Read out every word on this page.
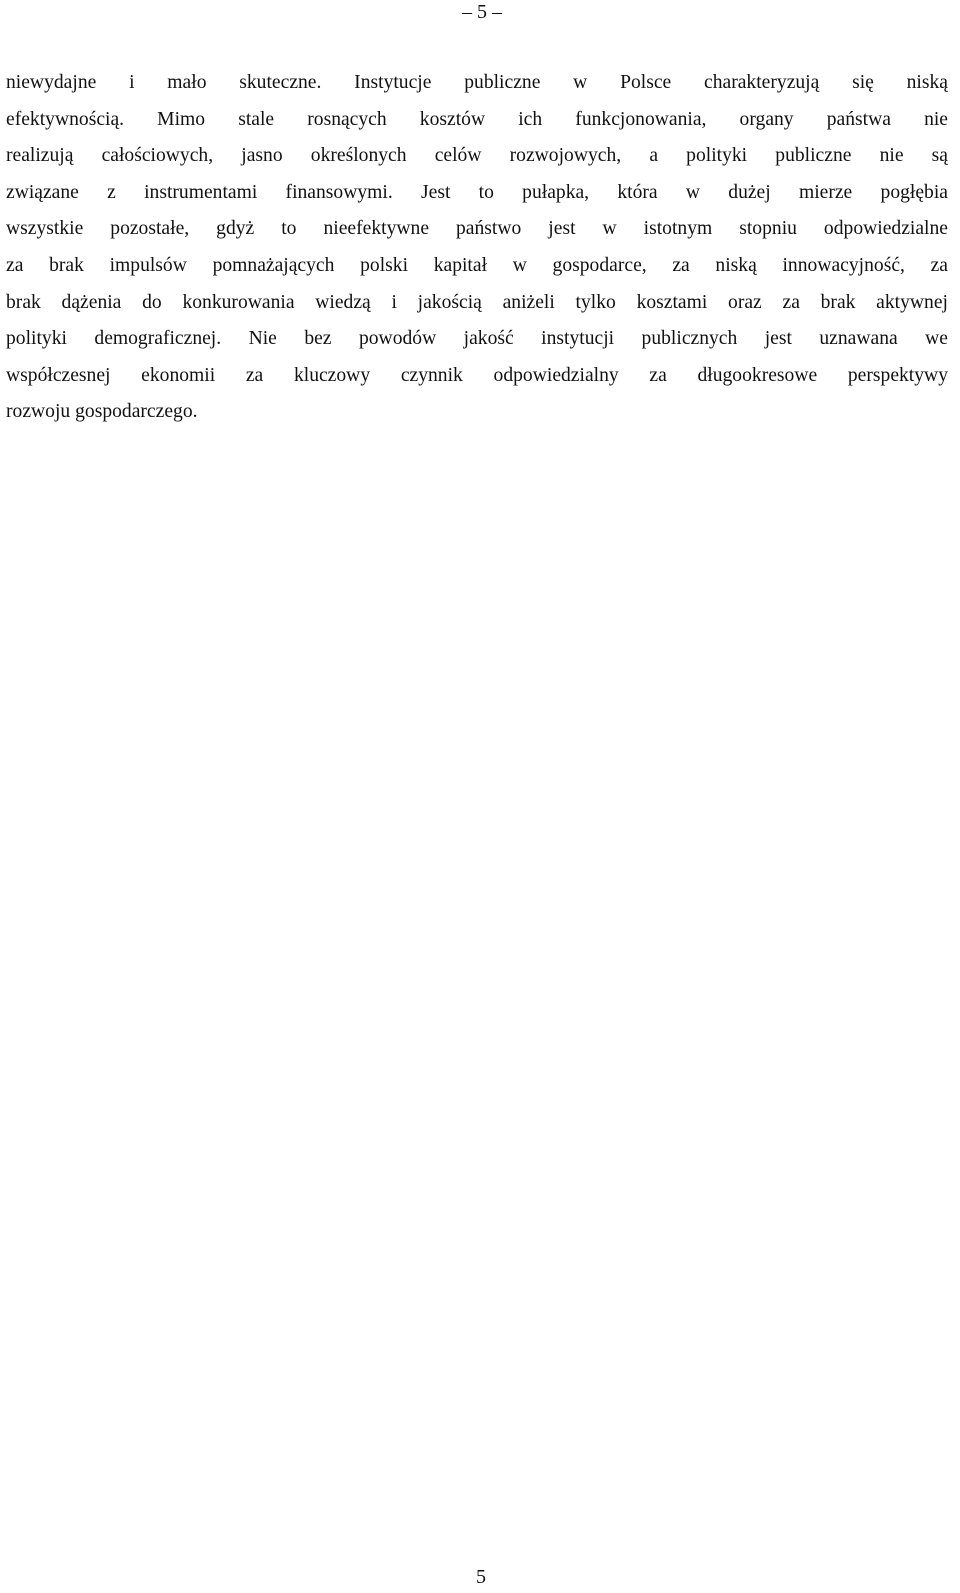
– 5 –
niewydajne i mało skuteczne. Instytucje publiczne w Polsce charakteryzują się niską
efektywnością. Mimo stale rosnących kosztów ich funkcjonowania, organy państwa nie
realizują całościowych, jasno określonych celów rozwojowych, a polityki publiczne nie są
związane z instrumentami finansowymi. Jest to pułapka, która w dużej mierze pogłębia
wszystkie pozostałe, gdyż to nieefektywne państwo jest w istotnym stopniu odpowiedzialne
za brak impulsów pomnażających polski kapitał w gospodarce, za niską innowacyjność, za
brak dążenia do konkurowania wiedzą i jakością aniżeli tylko kosztami oraz za brak aktywnej
polityki demograficznej. Nie bez powodów jakość instytucji publicznych jest uznawana we
współczesnej ekonomii za kluczowy czynnik odpowiedzialny za długookresowe perspektywy
rozwoju gospodarczego.
5
